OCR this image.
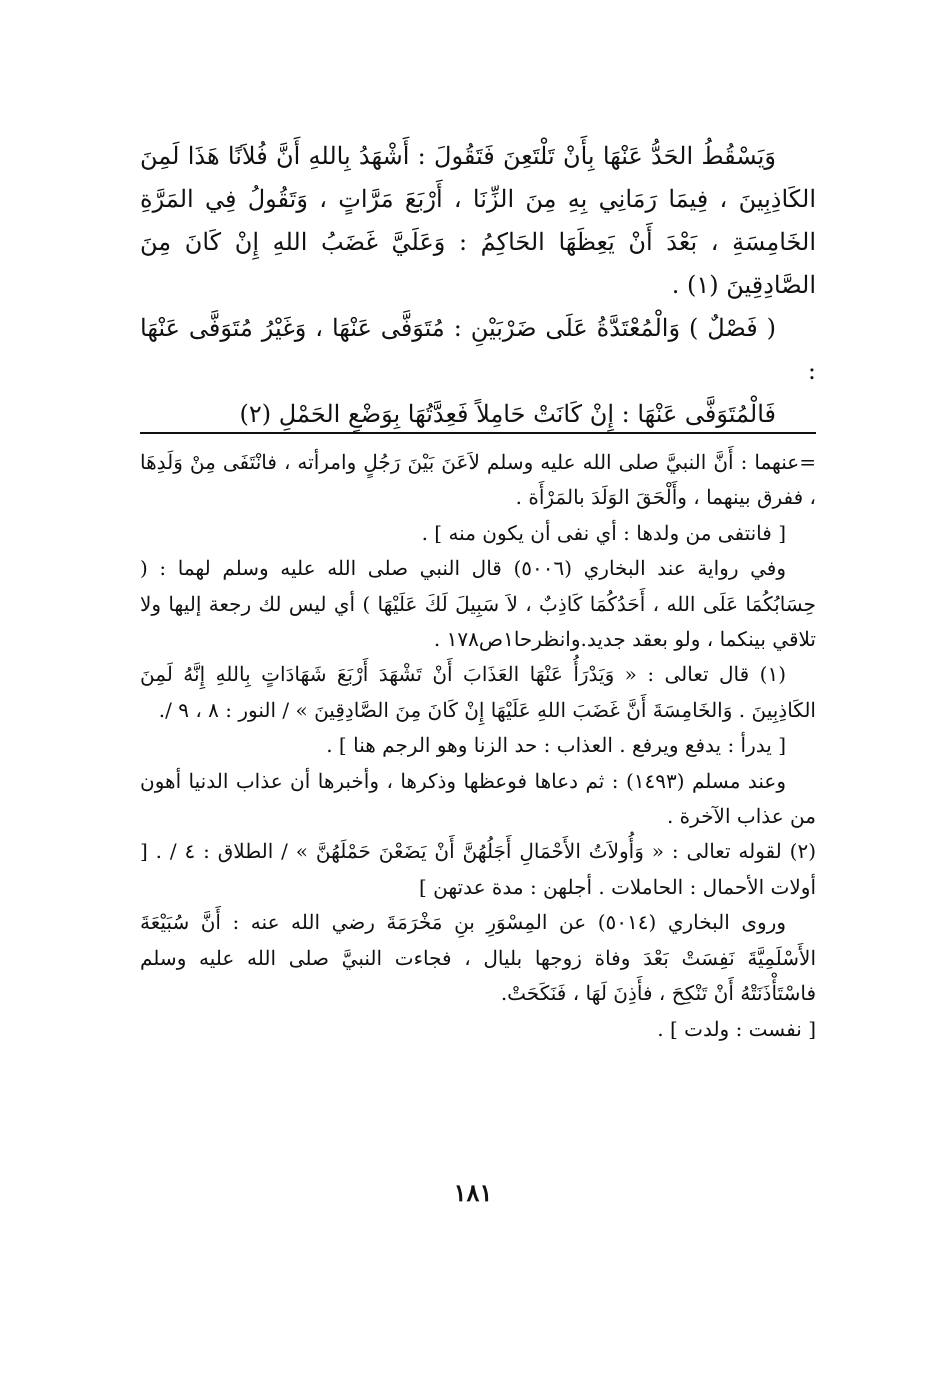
وَيَسْقُطُ الحَدُّ عَنْهَا بِأَنْ تَلْتَعِنَ فَتَقُولَ : أَشْهَدُ بِاللهِ أَنَّ فُلاَنًا هَذَا لَمِنَ الكَاذِبِينَ ، فِيمَا رَمَانِي بِهِ مِنَ الزِّنَا ، أَرْبَعَ مَرَّاتٍ ، وَتَقُولُ فِي المَرَّةِ الخَامِسَةِ ، بَعْدَ أَنْ يَعِظَهَا الحَاكِمُ : وَعَلَيَّ غَضَبُ اللهِ إِنْ كَانَ مِنَ الصَّادِقِينَ (١) .

( فَصْلٌ ) وَالْمُعْتَدَّةُ عَلَى ضَرْبَيْنِ : مُتَوَفَّى عَنْهَا ، وَغَيْرُ مُتَوَفَّى عَنْهَا :

فَالْمُتَوَفَّى عَنْهَا : إِنْ كَانَتْ حَامِلاً فَعِدَّتُهَا بِوَضْعِ الحَمْلِ (٢)

=عنهما : أَنَّ النبيَّ صلى الله عليه وسلم لاَعَنَ بَيْنَ رَجُلٍ وامرأته ، فانْتَفَى مِنْ وَلَدِهَا ، ففرق بينهما ، وأَلْحَقَ الوَلَدَ بالمَرْأَة .

[ فانتفى من ولدها : أي نفى أن يكون منه ] .

وفي رواية عند البخاري (٥٠٠٦) قال النبي صلى الله عليه وسلم لهما : ( حِسَابُكُمَا عَلَى الله ، أَحَدُكُمَا كَاذِبٌ ، لاَ سَبِيلَ لَكَ عَلَيْهَا ) أي ليس لك رجعة إليها ولا تلاقي بينكما ، ولو بعقد جديد.وانظرحا١ص١٧٨ .

(١) قال تعالى : « وَيَدْرَأُ عَنْهَا العَذَابَ أَنْ تَشْهَدَ أَرْبَعَ شَهَادَاتٍ بِاللهِ إِنَّهُ لَمِنَ الكَاذِبِينَ . وَالخَامِسَةَ أَنَّ غَضَبَ اللهِ عَلَيْهَا إِنْ كَانَ مِنَ الصَّادِقِينَ » / النور : ٨ ، ٩ /.

[ يدرأ : يدفع ويرفع . العذاب : حد الزنا وهو الرجم هنا ] .

وعند مسلم (١٤٩٣) : ثم دعاها فوعظها وذكرها ، وأخبرها أن عذاب الدنيا أهون من عذاب الآخرة .

(٢) لقوله تعالى : « وَأُولاَتُ الأَحْمَالِ أَجَلُهُنَّ أَنْ يَضَعْنَ حَمْلَهُنَّ » / الطلاق : ٤ / . [ أولات الأحمال : الحاملات . أجلهن : مدة عدتهن ]

وروى البخاري (٥٠١٤) عن المِسْوَرِ بنِ مَخْرَمَةَ رضي الله عنه : أَنَّ سُبَيْعَةَ الأَسْلَمِيَّةَ نَفِسَتْ بَعْدَ وفاة زوجها بليال ، فجاءت النبيَّ صلى الله عليه وسلم فاسْتَأْذَنَتْهُ أَنْ تَنْكِحَ ، فأَذِنَ لَهَا ، فَنَكَحَتْ.

[ نفست : ولدت ] .

١٨١
